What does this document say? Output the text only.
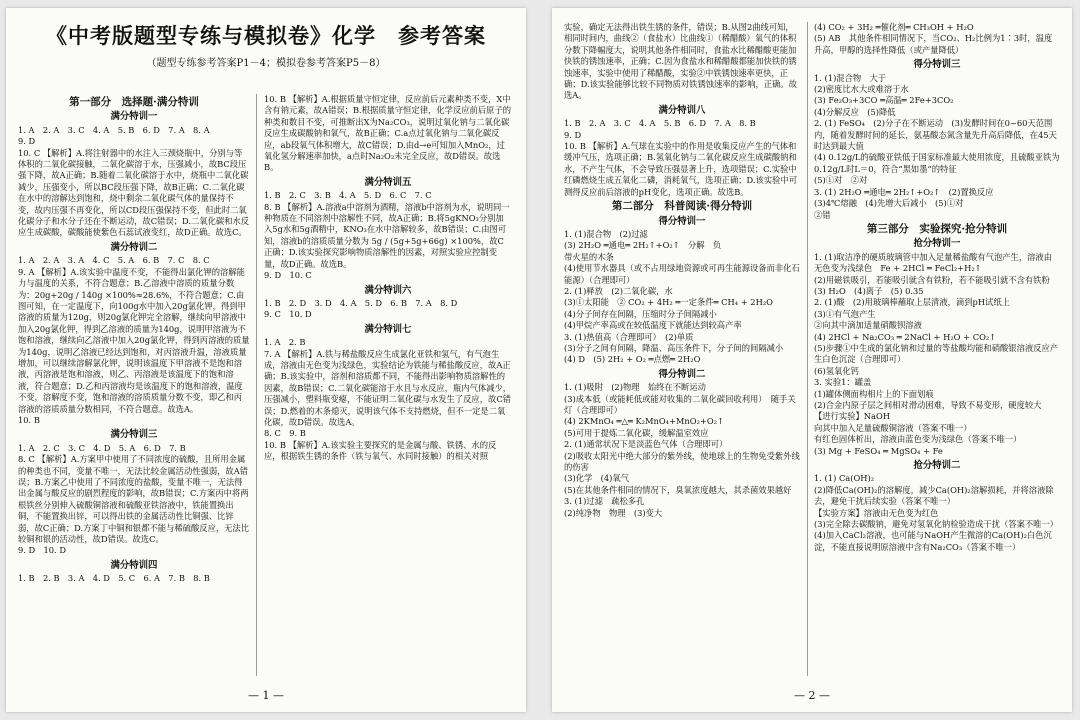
《中考版题型专练与模拟卷》化学　参考答案
（题型专练参考答案P1－4；模拟卷参考答案P5－8）
第一部分　选择题·满分特训
满分特训一

1. A　2. A　3. C　4. A　5. B　6. D　7. A　8. A

9. D

10. C 【解析】A.将注射器中的水注入三颈烧瓶中，分别与等体积的二氧化碳接触，二氧化碳溶于水，压强减小，故BC段压强下降，故A正确；B.随着二氧化碳溶于水中，烧瓶中二氧化碳减少，压强变小，所以BC段压强下降，故B正确；C.二氧化碳在水中的溶解达到饱和，烧中剩余二氧化碳气体的量保持不变，故内压强不再变化，所以CD段压强保持不变，但此时二氧化碳分子和水分子还在不断运动，故C错误；D.二氧化碳和水反应生成碳酸，碳酸能使紫色石蕊试液变红，故D正确。故选C。

满分特训二

1. A　2. A　3. A　4. C　5. A　6. B　7. C　8. C

9. A 【解析】A.该实验中温度不变，不能得出氯化钾的溶解能力与温度的关系，不符合题意；B.乙溶液中溶质的质量分数为：20g+20g / 140g ×100%≈28.6%，不符合题意；C.由图可知，在一定温度下，向100g水中加入20g氯化钾，得到甲溶液的质量为120g，则20g氯化钾完全溶解，继续向甲溶液中加入20g氯化钾，得到乙溶液的质量为140g，说明甲溶液为不饱和溶液，继续向乙溶液中加入20g氯化钾，得到丙溶液的质量为140g，说明乙溶液已经达到饱和，对丙溶液升温，溶液质量增加，可以继续溶解氯化钾，说明该温度下甲溶液不是饱和溶液，丙溶液是饱和溶液，则乙、丙溶液是该温度下的饱和溶液，符合题意；D.乙和丙溶液均是该温度下的饱和溶液，温度不变，溶解度不变，饱和溶液的溶质质量分数不变，即乙和丙溶液的溶质质量分数相同，不符合题意。故选A。

10. B

满分特训三

1. A　2. C　3. C　4. D　5. A　6. D　7. B

8. C 【解析】A.方案甲中使用了不同浓度的硫酸，且所用金属的种类也不同，变量不唯一，无法比较金属活动性强弱，故A错误；B.方案乙中使用了不同浓度的盐酸，变量不唯一，无法得出金属与酸反应的剧烈程度的影响，故B错误；C.方案丙中将两根铁丝分别伸入硫酸铜溶液和硫酸亚铁溶液中，铁能置换出铜，不能置换出锌，可以得出铁的金属活动性比铜强、比锌弱，故C正确；D.方案丁中铜和银都不能与稀硫酸反应，无法比较铜和银的活动性，故D错误。故选C。

9. D　10. D

满分特训四

1. B　2. B　3. A　4. D　5. C　6. A　7. B　8. B

10. B 【解析】A.根据质量守恒定律，反应前后元素种类不变，X中含有钠元素，故A错误；B.根据质量守恒定律，化学反应前后原子的种类和数目不变，可推断出X为Na₂CO₃，说明过氧化钠与二氧化碳反应生成碳酸钠和氧气，故B正确；C.a点过氧化钠与二氧化碳反应，ab段氧气体积增大，故C错误；D.由d→e可知加入MnO₂，过氧化氢分解速率加快，a点时Na₂O₂未完全反应，故D错误。故选B。

满分特训五

1. B　2. C　3. B　4. A　5. D　6. C　7. C

8. B 【解析】A.溶液a中溶剂为酒精，溶液b中溶剂为水，说明同一种物质在不同溶剂中溶解性不同，故A正确；B.将5gKNO₃分别加入5g水和5g酒精中，KNO₃在水中溶解较多，故B错误；C.由图可知，溶液b的溶质质量分数为 5g / (5g+5g+66g) ×100%，故C正确；D.该实验探究影响物质溶解性的因素，对照实验应控制变量，故D正确。故选B。

9. D　10. C

满分特训六

1. B　2. D　3. D　4. A　5. D　6. B　7. A　8. D

9. C　10. D

满分特训七

1. A　2. B

7. A 【解析】A.铁与稀盐酸反应生成氯化亚铁和氢气，有气泡生成，溶液由无色变为浅绿色，实验结论为铁能与稀盐酸反应，故A正确；B.该实验中，溶剂和溶质都不同，不能得出影响物质溶解性的因素，故B错误；C.二氧化碳能溶于水且与水反应，瓶内气体减少，压强减小，塑料瓶变瘪，不能证明二氧化碳与水发生了反应，故C错误；D.燃着的木条熄灭，说明该气体不支持燃烧，但不一定是二氧化碳，故D错误。故选A。

8. C　9. B

10. B 【解析】A.该实验主要探究的是金属与酸、铁锈、水的反应，根据铁生锈的条件（铁与氧气、水同时接触）的相关对照

— 1 —

实验，确定无法得出铁生锈的条件，错误；B.从图2曲线可知，相同时间内，曲线②（食盐水）比曲线①（稀醋酸）氧气的体积分数下降幅度大，说明其他条件相同时，食盐水比稀醋酸更能加快铁的锈蚀速率，正确；C.因为食盐水和稀醋酸都能加快铁的锈蚀速率，实验中使用了稀醋酸，实验②中铁锈蚀速率更快，正确；D.该实验能够比较不同物质对铁锈蚀速率的影响，正确。故选A。

满分特训八

1. B　2. A　3. C　4. A　5. B　6. D　7. A　8. B

9. D

10. B 【解析】A.气球在实验中的作用是收集反应产生的气体和缓冲气压，选项正确；B.氢氧化钠与二氧化碳反应生成碳酸钠和水，不产生气体，不会导致压强显著上升，选项错误；C.实验中红磷燃烧生成五氧化二磷，消耗氧气，选项正确；D.该实验中可测得反应前后溶液的pH变化，选项正确。故选B。

第二部分　科普阅读·得分特训
得分特训一

1. (1)混合物　(2)过滤

(3) 2H₂O ═通电═ 2H₂↑+O₂↑　分解　负

带火星的木条

(4)使用节水器具（或不占用绿地资源或可再生能源设备而非化石能源）（合理即可）

2. (1)释放　(2)二氧化碳，水

(3)①太阳能　② CO₂ + 4H₂ ═一定条件═ CH₄ + 2H₂O

(4)分子间存在间隔，压缩时分子间隔减小

(4)甲烷产率高或在较低温度下就能达到较高产率

3. (1)热值高（合理即可）　(2)单质

(3)分子之间有间隔，降温、高压条件下，分子间的间隔减小　(4) D　(5) 2H₂ + O₂ ═点燃═ 2H₂O

得分特训二

1. (1)吸附　(2)物理　始终在不断运动

(3)成本低（或能耗低或能对收集的二氧化碳回收利用）　随手关灯（合理即可）

(4) 2KMnO₄ ═△═ K₂MnO₄+MnO₂+O₂↑

(5)可用于提炼二氧化碳，缓解温室效应

2. (1)通常状况下是淡蓝色气体（合理即可）

(2)吸收太阳光中绝大部分的紫外线，使地球上的生物免受紫外线的伤害

(3)化学　(4)氧气

(5)在其他条件相同的情况下，臭氧浓度越大，其杀菌效果越好

3. (1)过滤　疏松多孔

(2)纯净物　物理　(3)变大

(4) CO₂ + 3H₂ ═催化剂═ CH₃OH + H₂O

(5) AB　其他条件相同情况下，当CO₂、H₂比例为1∶3时，温度升高，甲醇的选择性降低（或产量降低）

得分特训三

1. (1)混合物　大于

(2)密度比水大或难溶于水

(3) Fe₂O₃+3CO ═高温═ 2Fe+3CO₂

(4)分解反应　(5)降低

2. (1) FeSO₄　(2)分子在不断运动　(3)发酵时间在0~60天范围内，随着发酵时间的延长，氨基酸态氮含量先升高后降低，在45天时达到最大值

(4) 0.12g/L的硫酸亚铁低于国家标准最大使用浓度，且硫酸亚铁为0.12g/L时L＝0，符合“黑如墨”的特征

(5)①对　②对

3. (1) 2H₂O ═通电═ 2H₂↑+O₂↑　(2)置换反应

(3)4℃熔融　(4)先增大后减小　(5)①对

②错

第三部分　实验探究·抢分特训
抢分特训一

1. (1)取洁净的硬质玻璃管中加入足量稀盐酸有气泡产生，溶液由无色变为浅绿色　Fe + 2HCl ═ FeCl₂+H₂↑

(2)用磁铁吸引，若能吸引就含有铁粉，若不能吸引就不含有铁粉

(3) H₂O　(4)离子　(5) 0.35

2. (1)酸　(2)用玻璃棒蘸取上层清液，滴到pH试纸上

(3)①有气泡产生

②向其中滴加适量硝酸钡溶液

(4) 2HCl + Na₂CO₃ ═ 2NaCl + H₂O + CO₂↑

(5)步骤①中生成的氯化钠和过量的等盐酸均能和硝酸银溶液反应产生白色沉淀（合理即可）

(6)氢氧化钙

3. 实验1：罐盖

(1)罐体侧面构相片上的下面划痕

(2)合金内原子层之间相对滑动困难，导致不易变形，硬度较大

【进行实验】NaOH

向其中加入足量硫酸铜溶液（答案不唯一）

有红色固体析出，溶液由蓝色变为浅绿色（答案不唯一）

(3) Mg + FeSO₄ ═ MgSO₄ + Fe

抢分特训二

1. (1) Ca(OH)₂

(2)降低Ca(OH)₂的溶解度，减少Ca(OH)₂溶解损耗，并将溶液除去，避免干扰后续实验（答案不唯一）

【实验方案】溶液由无色变为红色

(3)完全除去碳酸钠，避免对氢氧化钠检验造成干扰（答案不唯一）

(4)加入CaCl₂溶液，也可能与NaOH产生微溶的Ca(OH)₂白色沉淀，不能直接说明原溶液中含有Na₂CO₃（答案不唯一）

— 2 —
